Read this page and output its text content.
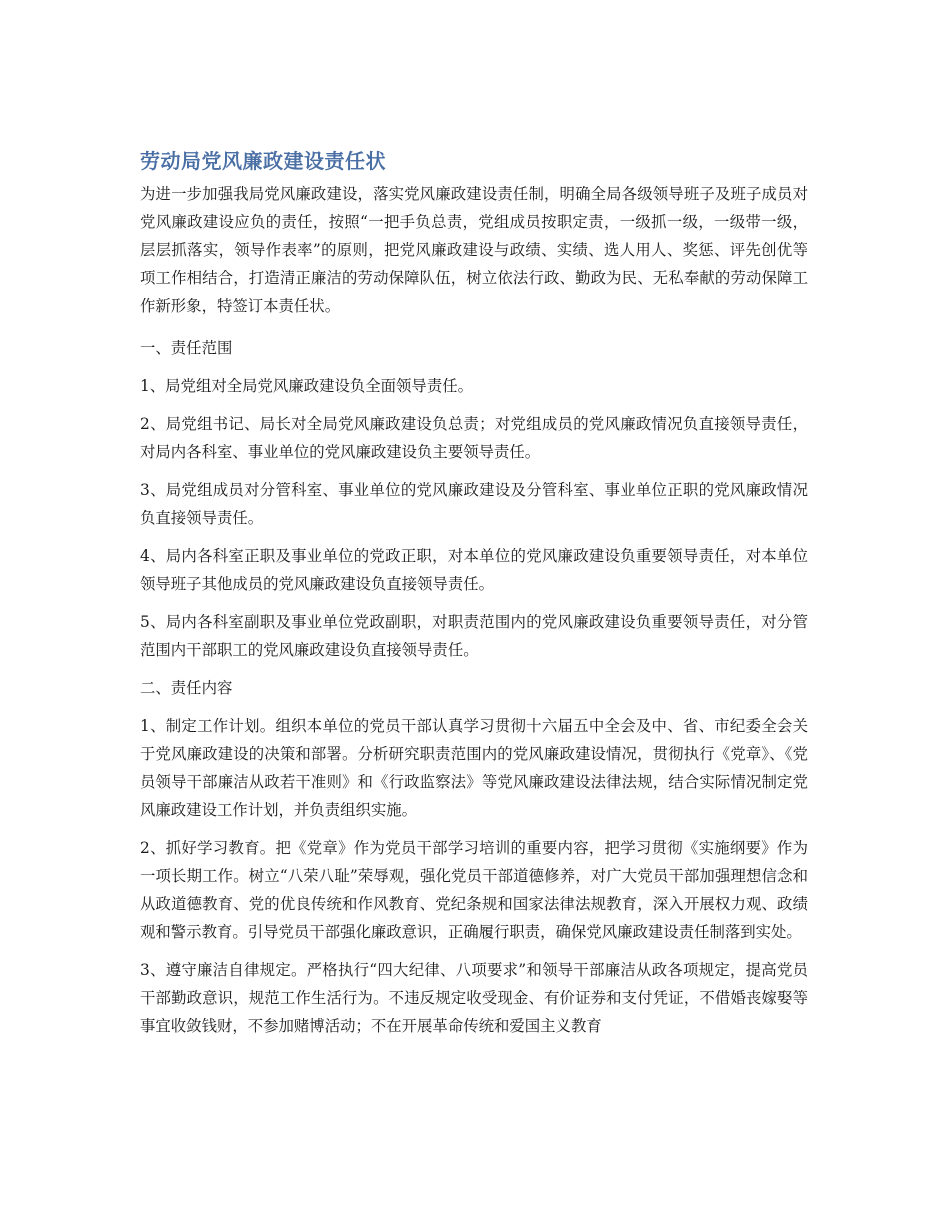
劳动局党风廉政建设责任状

为进一步加强我局党风廉政建设，落实党风廉政建设责任制，明确全局各级领导班子及班子成员对党风廉政建设应负的责任，按照“一把手负总责，党组成员按职定责，一级抓一级，一级带一级，层层抓落实，领导作表率”的原则，把党风廉政建设与政绩、实绩、选人用人、奖惩、评先创优等项工作相结合，打造清正廉洁的劳动保障队伍，树立依法行政、勤政为民、无私奉献的劳动保障工作新形象，特签订本责任状。

一、责任范围

1、局党组对全局党风廉政建设负全面领导责任。

2、局党组书记、局长对全局党风廉政建设负总责；对党组成员的党风廉政情况负直接领导责任，对局内各科室、事业单位的党风廉政建设负主要领导责任。

3、局党组成员对分管科室、事业单位的党风廉政建设及分管科室、事业单位正职的党风廉政情况负直接领导责任。

4、局内各科室正职及事业单位的党政正职，对本单位的党风廉政建设负重要领导责任，对本单位领导班子其他成员的党风廉政建设负直接领导责任。

5、局内各科室副职及事业单位党政副职，对职责范围内的党风廉政建设负重要领导责任，对分管范围内干部职工的党风廉政建设负直接领导责任。

二、责任内容

1、制定工作计划。组织本单位的党员干部认真学习贯彻十六届五中全会及中、省、市纪委全会关于党风廉政建设的决策和部署。分析研究职责范围内的党风廉政建设情况，贯彻执行《党章》、《党员领导干部廉洁从政若干准则》和《行政监察法》等党风廉政建设法律法规，结合实际情况制定党风廉政建设工作计划，并负责组织实施。

2、抓好学习教育。把《党章》作为党员干部学习培训的重要内容，把学习贯彻《实施纲要》作为一项长期工作。树立“八荣八耻”荣辱观，强化党员干部道德修养，对广大党员干部加强理想信念和从政道德教育、党的优良传统和作风教育、党纪条规和国家法律法规教育，深入开展权力观、政绩观和警示教育。引导党员干部强化廉政意识，正确履行职责，确保党风廉政建设责任制落到实处。

3、遵守廉洁自律规定。严格执行“四大纪律、八项要求”和领导干部廉洁从政各项规定，提高党员干部勤政意识，规范工作生活行为。不违反规定收受现金、有价证券和支付凭证，不借婚丧嫁娶等事宜收敛钱财，不参加赌博活动；不在开展革命传统和爱国主义教育
